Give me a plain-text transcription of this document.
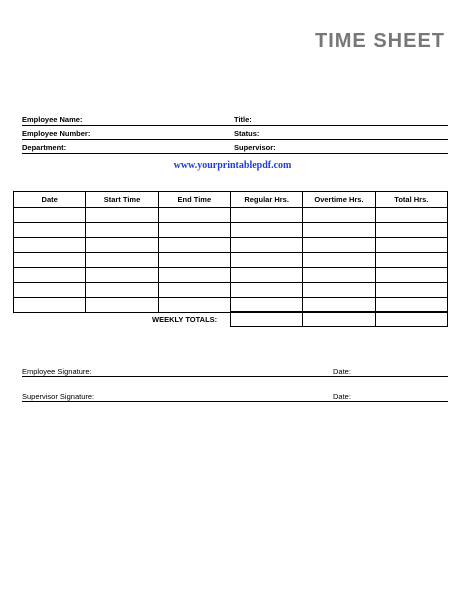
TIME SHEET
Employee Name:	Title:
Employee Number:	Status:
Department:	Supervisor:
www.yourprintablepdf.com
Date	Start Time	End Time	Regular Hrs.	Overtime Hrs.	Total Hrs.

WEEKLY TOTALS:

Employee Signature:	Date:
Supervisor Signature:	Date:
